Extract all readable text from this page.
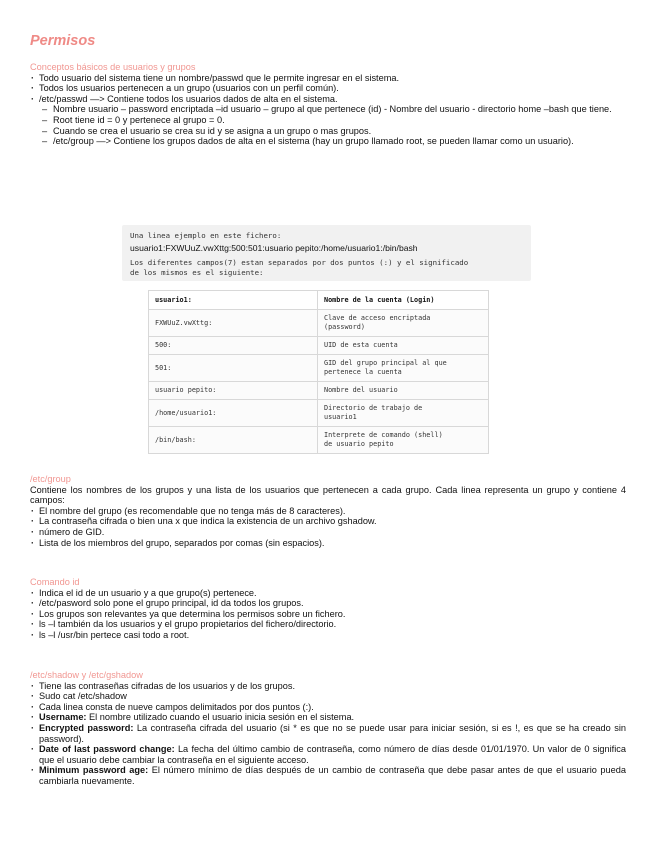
Permisos
Conceptos básicos de usuarios y grupos
· Todo usuario del sistema tiene un nombre/passwd que le permite ingresar en el sistema.
· Todos los usuarios pertenecen a un grupo (usuarios con un perfil común).
· /etc/passwd —> Contiene todos los usuarios dados de alta en el sistema.
– Nombre usuario – password encriptada –id usuario – grupo al que pertenece (id) - Nombre del usuario - directorio home –bash que tiene.
– Root tiene id = 0 y pertenece al grupo = 0.
– Cuando se crea el usuario se crea su id y se asigna a un grupo o mas grupos.
– /etc/group —> Contiene los grupos dados de alta en el sistema (hay un grupo llamado root, se pueden llamar como un usuario).
Una linea ejemplo en este fichero:
usuario1:FXWUuZ.vwXttg:500:501:usuario pepito:/home/usuario1:/bin/bash
Los diferentes campos(7) estan separados por dos puntos (:) y el significado
de los mismos es el siguiente:
usuario1:	Nombre de la cuenta (Login)
FXWUuZ.vwXttg:	Clave de acceso encriptada
(password)
500:	UID de esta cuenta
501:	GID del grupo principal al que
pertenece la cuenta
usuario pepito:	Nombre del usuario
/home/usuario1:	Directorio de trabajo de
usuario1
/bin/bash:	Interprete de comando (shell)
de usuario pepito
/etc/group
Contiene los nombres de los grupos y una lista de los usuarios que pertenecen a cada grupo. Cada linea representa un grupo y contiene 4 campos:
· El nombre del grupo (es recomendable que no tenga más de 8 caracteres).
· La contraseña cifrada o bien una x que indica la existencia de un archivo gshadow.
· número de GID.
· Lista de los miembros del grupo, separados por comas (sin espacios).
Comando id
· Indica el id de un usuario y a que grupo(s) pertenece.
· /etc/pasword solo pone el grupo principal, id da todos los grupos.
· Los grupos son relevantes ya que determina los permisos sobre un fichero.
· ls –l también da los usuarios y el grupo propietarios del fichero/directorio.
· ls –l /usr/bin pertece casi todo a root.
/etc/shadow y /etc/gshadow
· Tiene las contraseñas cifradas de los usuarios y de los grupos.
· Sudo cat /etc/shadow
· Cada linea consta de nueve campos delimitados por dos puntos (:).
· Username: El nombre utilizado cuando el usuario inicia sesión en el sistema.
· Encrypted password: La contraseña cifrada del usuario (si * es que no se puede usar para iniciar sesión, si es !, es que se ha creado sin password).
· Date of last password change: La fecha del último cambio de contraseña, como número de días desde 01/01/1970. Un valor de 0 significa que el usuario debe cambiar la contraseña en el siguiente acceso.
· Minimum password age: El número mínimo de días después de un cambio de contraseña que debe pasar antes de que el usuario pueda cambiarla nuevamente.
